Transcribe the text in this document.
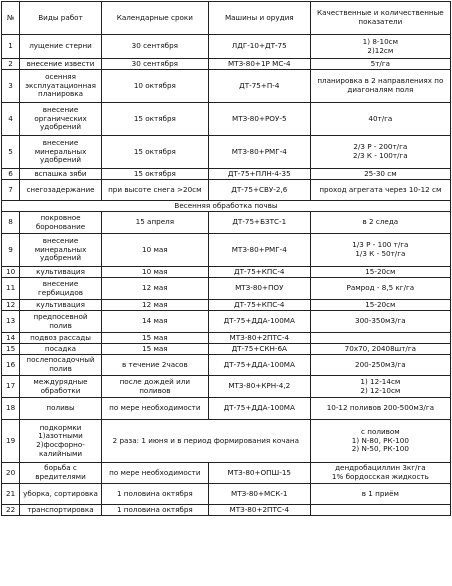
№	Виды работ	Календарные сроки	Машины и орудия	Качественные и количественные показатели
1	лущение стерни	30 сентября	ЛДГ-10+ДТ-75	1) 8-10см
2)12см
2	внесение извести	30 сентября	МТЗ-80+1Р МС-4	5т/га
3	осенняя эксплуатационная планировка	10 октября	ДТ-75+П-4	планировка в 2 направлениях по диагоналям поля
4	внесение органических удобрений	15 октября	МТЗ-80+РОУ-5	40т/га
5	внесение минеральных удобрений	15 октября	МТЗ-80+РМГ-4	2/3 Р - 200т/га
2/3 К - 100т/га
6	вспашка зяби	15 октября	ДТ-75+ПЛН-4-35	25-30 см
7	снегозадержание	при высоте снега >20см	ДТ-75+СВУ-2,6	проход агрегата через 10-12 см
Весенняя обработка почвы				
8	покровное боронование	15 апреля	ДТ-75+БЗТС-1	в 2 следа
9	внесение минеральных удобрений	10 мая	МТЗ-80+РМГ-4	1/3 Р - 100 т/га
1/3 К - 50т/га
10	культивация	10 мая	ДТ-75+КПС-4	15-20см
11	внесение гербицидов	12 мая	МТЗ-80+ПОУ	Рамрод - 8,5 кг/га
12	культивация	12 мая	ДТ-75+КПС-4	15-20см
13	предпосевной полив	14 мая	ДТ-75+ДДА-100МА	300-350м3/га
14	подвоз рассады	15 мая	МТЗ-80+2ПТС-4	
15	посадка	15 мая	ДТ-75+СКН-6А	70х70, 20408шт/га
16	послепосадочный полив	в течение 2часов	ДТ-75+ДДА-100МА	200-250м3/га
17	междурядные обработки	после дождей или поливов	МТЗ-80+КРН-4,2	1) 12-14см
2) 12-10см
18	поливы	по мере необходимости	ДТ-75+ДДА-100МА	10-12 поливов 200-500м3/га
19	подкормки
1)азотными
2)фосфорно-калийными	2 раза: 1 июня и в период формирования кочана		с поливом
1) N-80, РК-100
2) N-50, РК-100
20	борьба с вредителями	по мере необходимости	МТЗ-80+ОПШ-15	дендробациллин 3кг/га
1% бордосская жидкость
21	уборка, сортировка	1 половина октября	МТЗ-80+МСК-1	в 1 приём
22	транспортировка	1 половина октября	МТЗ-80+2ПТС-4	
